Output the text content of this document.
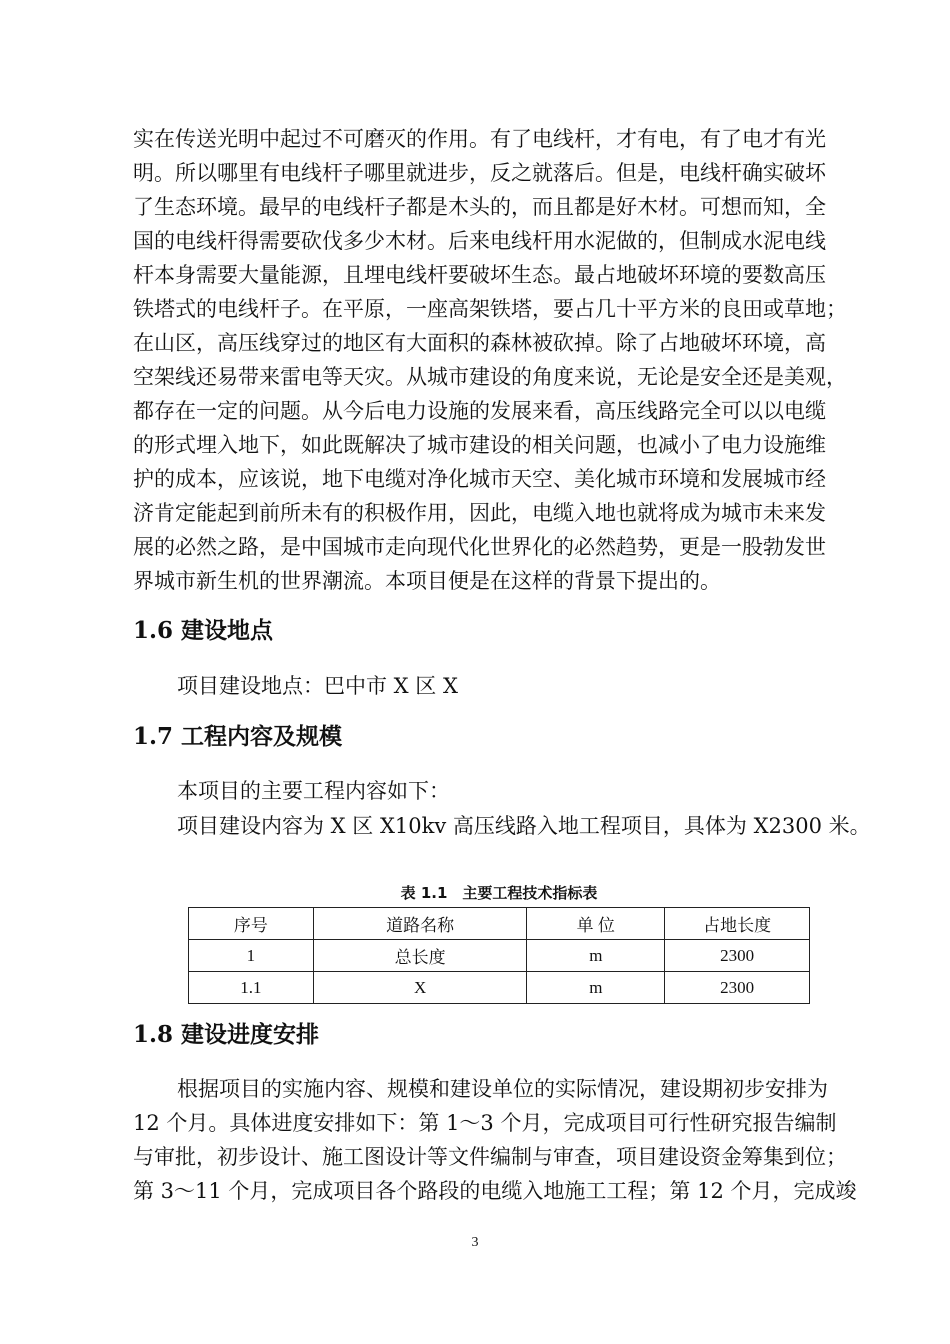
实在传送光明中起过不可磨灭的作用。有了电线杆，才有电，有了电才有光
明。所以哪里有电线杆子哪里就进步，反之就落后。但是，电线杆确实破坏
了生态环境。最早的电线杆子都是木头的，而且都是好木材。可想而知，全
国的电线杆得需要砍伐多少木材。后来电线杆用水泥做的，但制成水泥电线
杆本身需要大量能源，且埋电线杆要破坏生态。最占地破坏环境的要数高压
铁塔式的电线杆子。在平原，一座高架铁塔，要占几十平方米的良田或草地；
在山区，高压线穿过的地区有大面积的森林被砍掉。除了占地破坏环境，高
空架线还易带来雷电等天灾。从城市建设的角度来说，无论是安全还是美观，
都存在一定的问题。从今后电力设施的发展来看，高压线路完全可以以电缆
的形式埋入地下，如此既解决了城市建设的相关问题，也减小了电力设施维
护的成本，应该说，地下电缆对净化城市天空、美化城市环境和发展城市经
济肯定能起到前所未有的积极作用，因此，电缆入地也就将成为城市未来发
展的必然之路，是中国城市走向现代化世界化的必然趋势，更是一股勃发世
界城市新生机的世界潮流。本项目便是在这样的背景下提出的。
1.6 建设地点

项目建设地点：巴中市 X 区 X

1.7 工程内容及规模

本项目的主要工程内容如下：

项目建设内容为 X 区 X10kv 高压线路入地工程项目，具体为 X2300 米。

表 1.1　主要工程技术指标表
序号	道路名称	单 位	占地长度
1	总长度	m	2300
1.1	X	m	2300
1.8 建设进度安排
根据项目的实施内容、规模和建设单位的实际情况，建设期初步安排为
12 个月。具体进度安排如下：第 1～3 个月，完成项目可行性研究报告编制
与审批，初步设计、施工图设计等文件编制与审查，项目建设资金筹集到位；
第 3～11 个月，完成项目各个路段的电缆入地施工工程；第 12 个月，完成竣
3
